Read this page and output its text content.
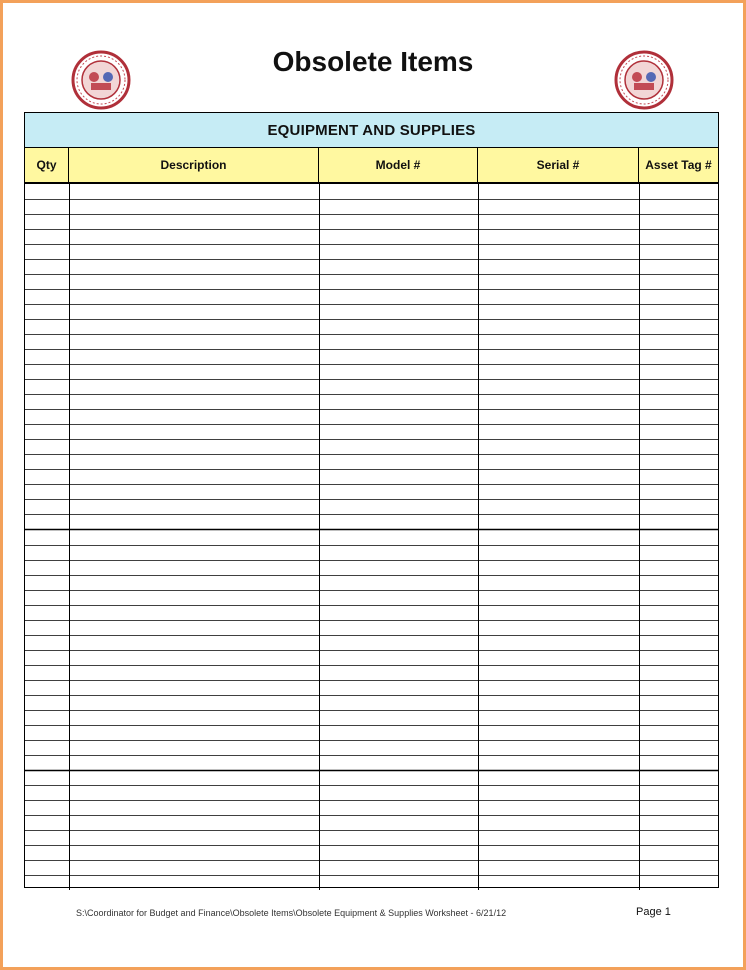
Obsolete Items
EQUIPMENT AND SUPPLIES
Qty	Description	Model #	Serial #	Asset Tag #
S:\Coordinator for Budget and Finance\Obsolete Items\Obsolete Equipment & Supplies Worksheet - 6/21/12	Page 1
